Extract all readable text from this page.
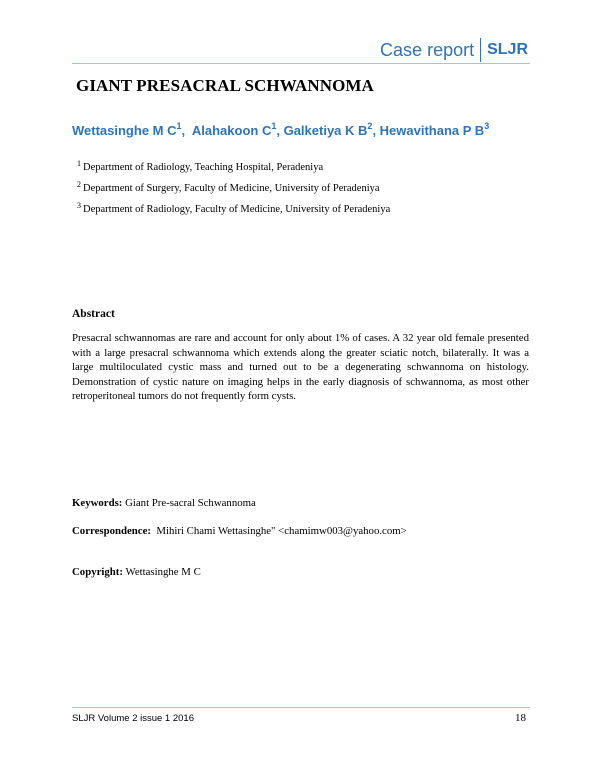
Case report SLJR
GIANT PRESACRAL SCHWANNOMA
Wettasinghe M $C^1$,  Alahakoon $C^1$, Galketiya K $B^2$, Hewavithana P $B^3$
$^1$ Department of Radiology, Teaching Hospital, Peradeniya
$^2$ Department of Surgery, Faculty of Medicine, University of Peradeniya
$^3$ Department of Radiology, Faculty of Medicine, University of Peradeniya
Abstract

Presacral schwannomas are rare and account for only about 1% of cases. A 32 year old female presented with a large presacral schwannoma which extends along the greater sciatic notch, bilaterally. It was a large multiloculated cystic mass and turned out to be a degenerating schwannoma on histology. Demonstration of cystic nature on imaging helps in the early diagnosis of schwannoma, as most other retroperitoneal tumors do not frequently form cysts.

Keywords: Giant Pre-sacral Schwannoma
Correspondence:  Mihiri Chami Wettasinghe" <chamimw003@yahoo.com>
Copyright: Wettasinghe M C
SLJR Volume 2 issue 1 2016	18
